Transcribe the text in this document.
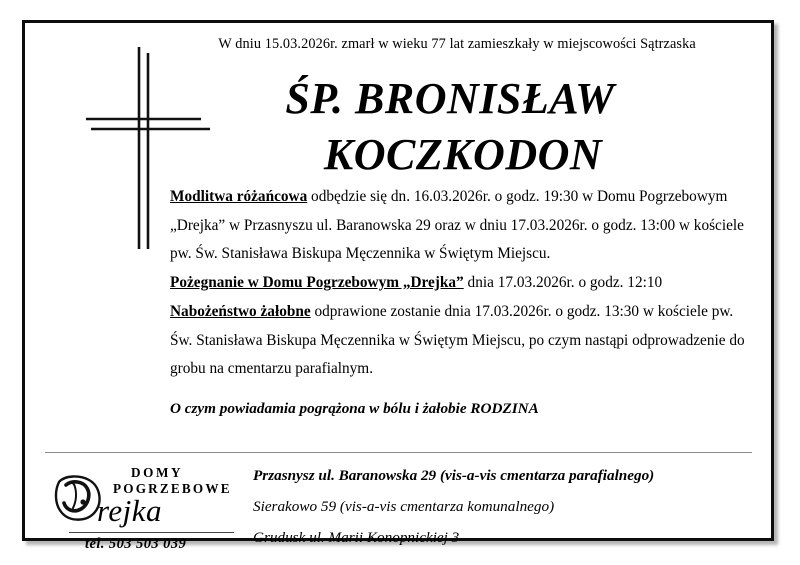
W dniu 15.03.2026r. zmarł w wieku 77 lat zamieszkały w miejscowości Sątrzaska
ŚP. BRONISŁAW
KOCZKODON

Modlitwa różańcowa odbędzie się dn. 16.03.2026r. o godz. 19:30 w Domu Pogrzebowym „Drejka” w Przasnyszu ul. Baranowska 29 oraz w dniu 17.03.2026r. o godz. 13:00 w kościele pw. Św. Stanisława Biskupa Męczennika w Świętym Miejscu.

Pożegnanie w Domu Pogrzebowym „Drejka” dnia 17.03.2026r. o godz. 12:10

Nabożeństwo żałobne odprawione zostanie dnia 17.03.2026r. o godz. 13:30 w kościele pw. Św. Stanisława Biskupa Męczennika w Świętym Miejscu, po czym nastąpi odprowadzenie do grobu na cmentarzu parafialnym.

O czym powiadamia pogrążona w bólu i żałobie RODZINA

DOMY
POGRZEBOWE
rejka
tel. 503 503 039
Przasnysz ul. Baranowska 29 (vis-a-vis cmentarza parafialnego)
Sierakowo 59 (vis-a-vis cmentarza komunalnego)
Grudusk ul. Marii Konopnickiej 3
